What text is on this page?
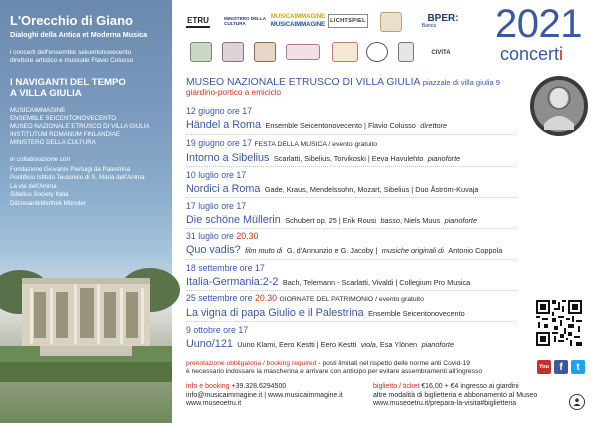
L'Orecchio di Giano
Dialoghi della Antica et Moderna Musica
i concerti dell'ensemble seicentonovecento
direttore artistico e musicale Flavio Colusso
I NAVIGANTI DEL TEMPO
A VILLA GIULIA
MUSICAIMMAGINE
ENSEMBLE SEICENTONOVECENTO
MUSEO NAZIONALE ETRUSCO DI VILLA GIULIA
INSTITUTUM ROMANUM FINLANDIAE
MINISTERO DELLA CULTURA
in collaborazione con
Fondazione Giovanni Pierluigi da Palestrina
Pontificio Istituto Teutonico di S. Maria dell'Anima
La via dell'Anima
Sibelius Society Italia
Diözesanbibliothek Münster
ETRU	MINISTERO DELLA CULTURA
MUSICAIMMAGINE
MUSICAIMMAGINE
LICHTSPIEL	BPER:
Banca
CIVITA
2021
concerti
MUSEO NAZIONALE ETRUSCO DI VILLA GIULIA piazzale di villa giulia 9
giardino-portico a emiciclo
12 giugno ore 17
Händel a Roma Ensemble Seicentonovecento | Flavio Colusso direttore
19 giugno ore 17 FESTA DELLA MUSICA / evento gratuito
Intorno a Sibelius Scarlatti, Sibelius, Torvikoski | Eeva Havulehto pianoforte
10 luglio ore 17
Nordici a Roma Gade, Kraus, Mendelssohn, Mozart, Sibelius | Duo Åström-Kuvaja
17 luglio ore 17
Die schöne Müllerin Schubert op. 25 | Erik Rousi basso, Niels Muus pianoforte
31 luglio ore 20.30
Quo vadis? film muto di G. d'Annunzio e G. Jacoby | musiche originali di Antonio Coppola
18 settembre ore 17
Italia-Germania:2-2 Bach, Telemann - Scarlatti, Vivaldi | Collegium Pro Musica
25 settembre ore 20.30 GIORNATE DEL PATRIMONIO / evento gratuito
La vigna di papa Giulio e il Palestrina Ensemble Seicentonovecento
9 ottobre ore 17
Uuno/121 Uuno Klami, Eero Kestti | Eero Kestti viola, Esa Ylönen pianoforte
You	f	t
prenotazione obbligatoria / booking required - posti limitati nel rispetto delle norme anti Covid-19
è necessario indossare la mascherina e arrivare con anticipo per evitare assembramenti all'ingresso
info e booking +39.328.6294500
info@musicaimmagine.it | www.musicaimmagine.it
www.museoetru.it
biglietto / ticket €16,00 + €4 ingresso ai giardini
altre modalità di biglietteria e abbonamento al Museo
www.museoetru.it/prepara-la-visita#biglietteria
